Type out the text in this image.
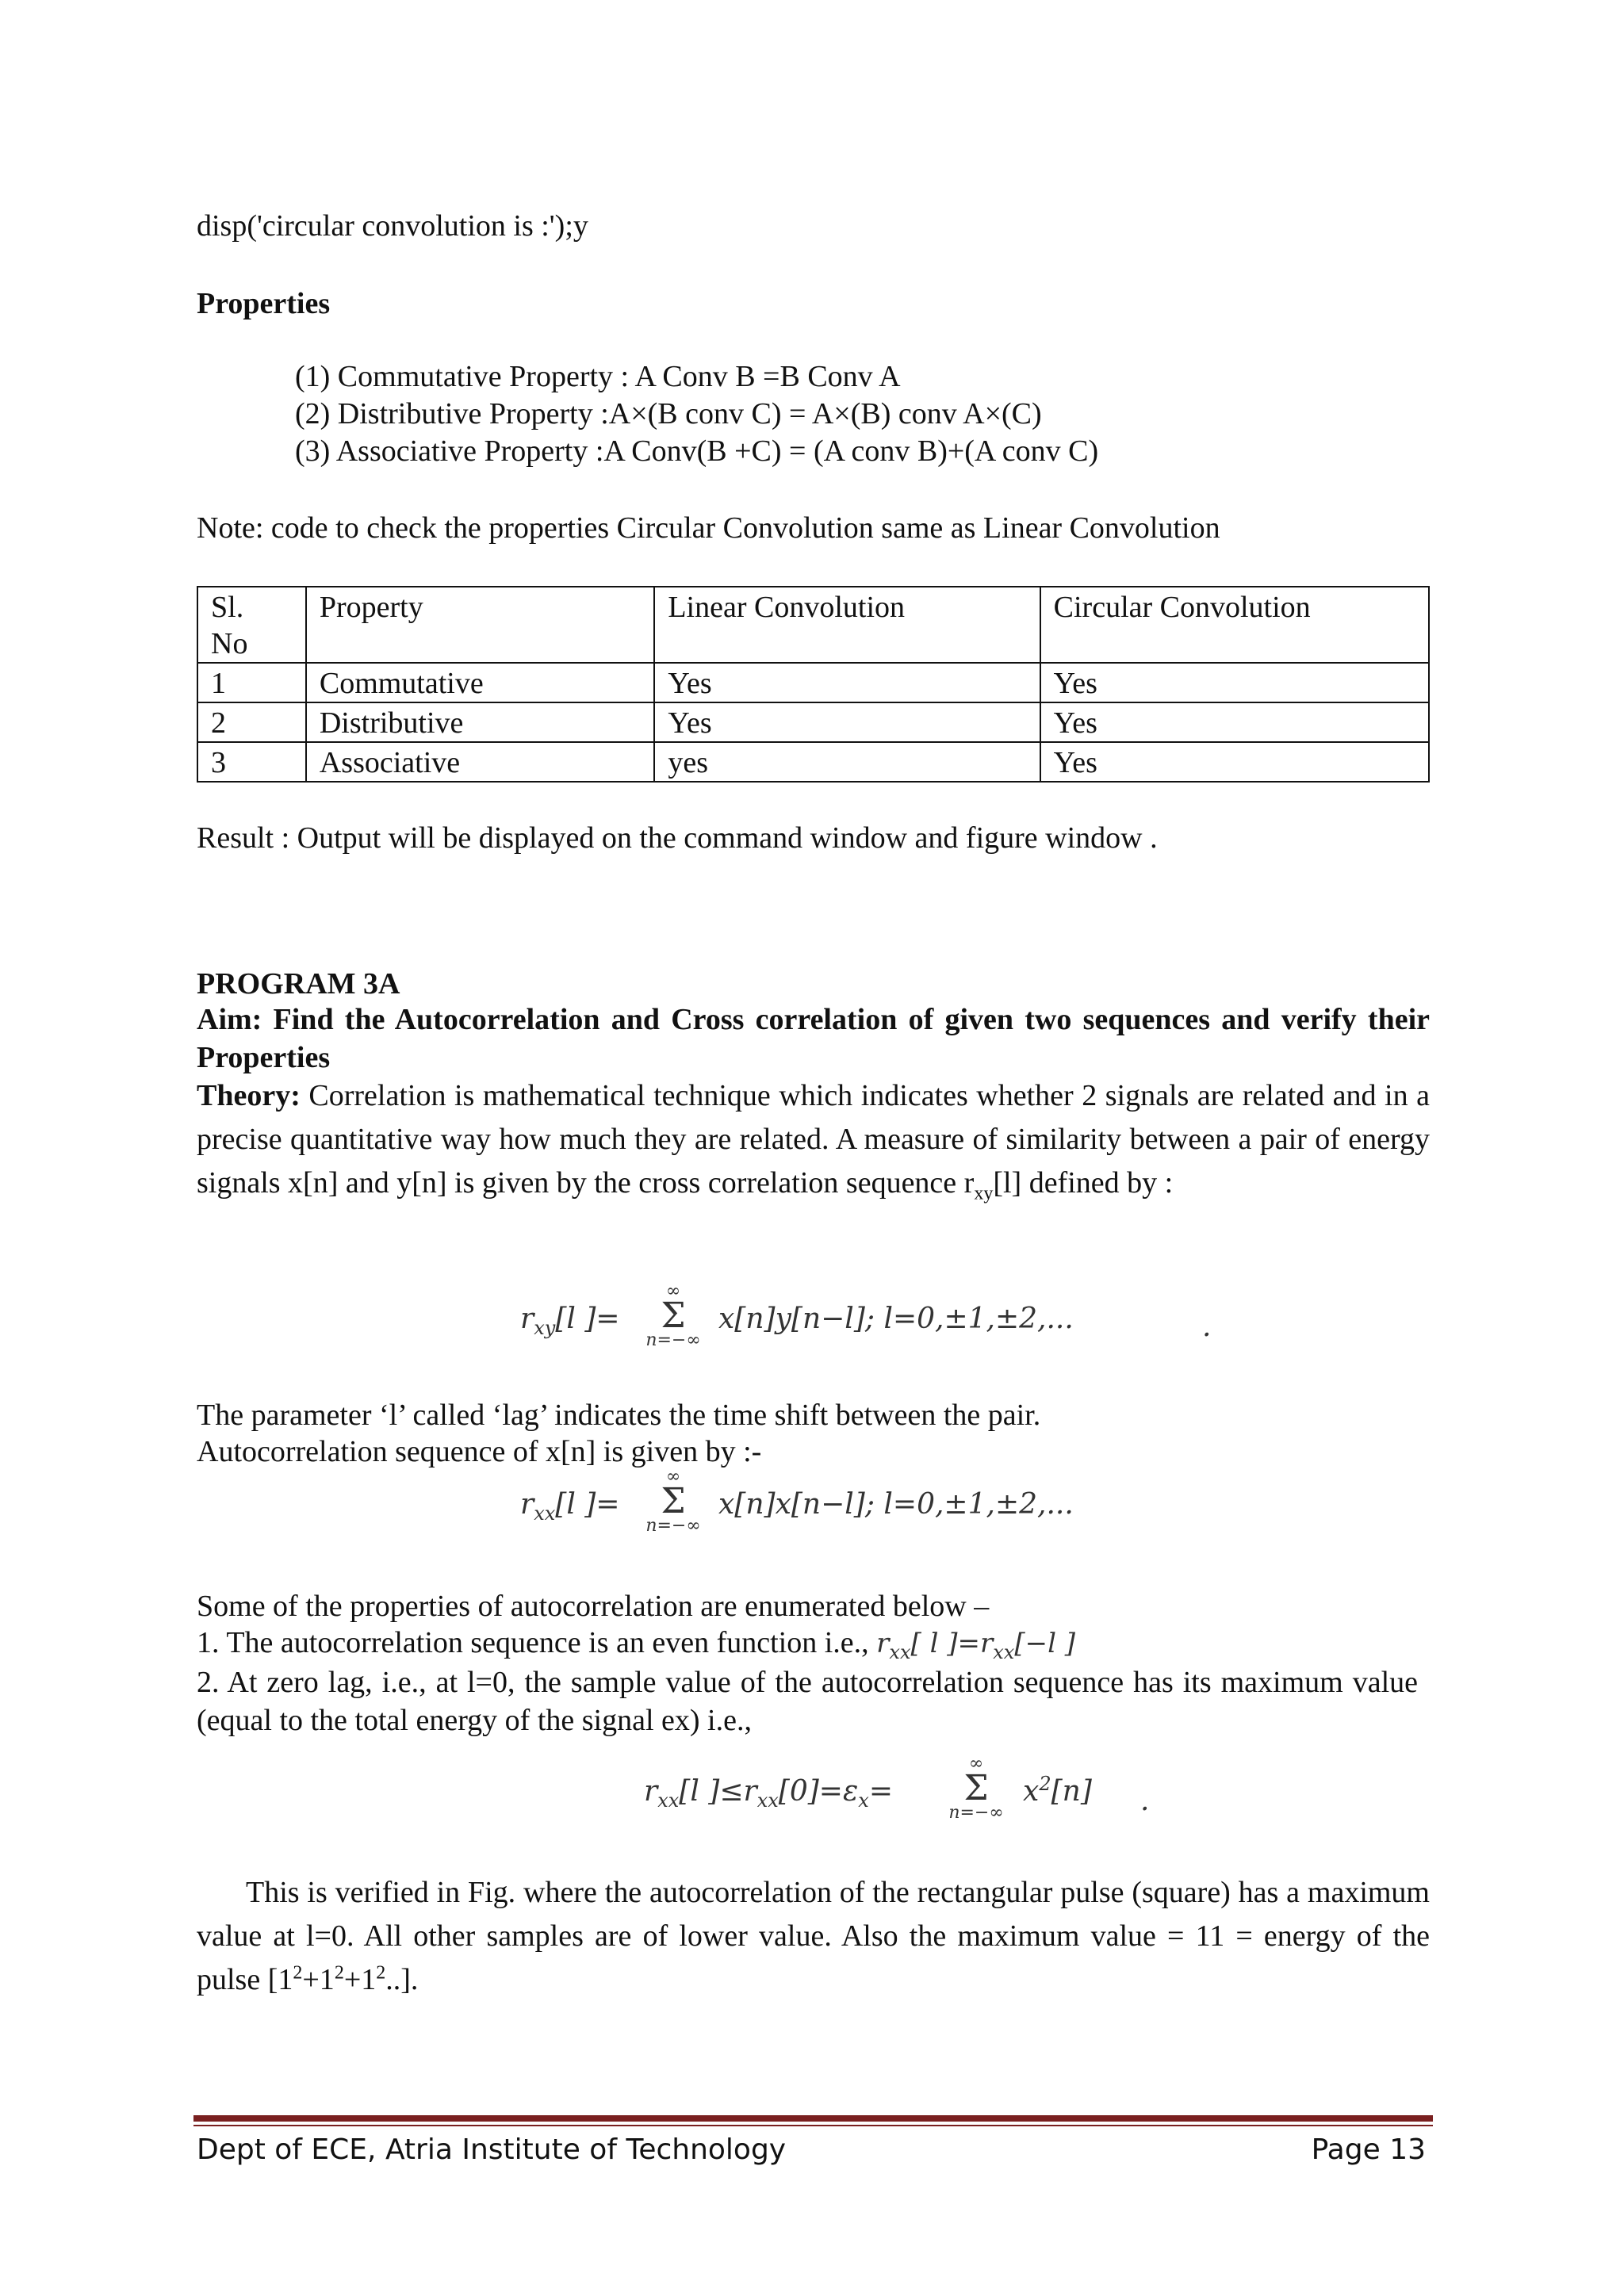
disp('circular convolution is :');y
Properties
(1) Commutative Property : A Conv B =B Conv A
(2) Distributive Property :A×(B conv C) = A×(B) conv A×(C)
(3) Associative Property :A Conv(B +C) = (A conv B)+(A conv C)
Note: code to check the properties Circular Convolution same as Linear Convolution
Sl.
No	Property	Linear Convolution	Circular Convolution
1	Commutative	Yes	Yes
2	Distributive	Yes	Yes
3	Associative	yes	Yes
Result : Output will be displayed on the command window and figure window .
PROGRAM 3A
Aim: Find the Autocorrelation and Cross correlation of given two sequences and verify their Properties
Theory: Correlation is mathematical technique which indicates whether 2 signals are related and in a precise quantitative way how much they are related. A measure of similarity between a pair of energy signals x[n] and y[n] is given by the cross correlation sequence $r_{xy}[l]$ defined by :
$r_{xy}[l$ ]=
∞
Σ
n=−∞
x[n]y[n−l]; l=0,±1,±2,...	.
The parameter ‘l’ called ‘lag’ indicates the time shift between the pair.
Autocorrelation sequence of x[n] is given by :-
$r_{xx}[l$ ]=
∞
Σ
n=−∞
x[n]x[n−l]; l=0,±1,±2,...
Some of the properties of autocorrelation are enumerated below –
1. The autocorrelation sequence is an even function i.e., $r_{xx}$[ l ]$=r_{xx}[-l$ ]
2. At zero lag, i.e., at l=0, the sample value of the autocorrelation sequence has its maximum value (equal to the total energy of the signal ex) i.e.,
$r_{xx}[l$ ]$\le r_{xx}[0]=\varepsilon_x=$
∞
Σ
n=−∞
$x^2[n]$ .
This is verified in Fig. where the autocorrelation of the rectangular pulse (square) has a maximum value at l=0. All other samples are of lower value. Also the maximum value = 11 = energy of the pulse $[1^2+1^2+1^2..]$.
Dept of ECE, Atria Institute of Technology	Page 13
